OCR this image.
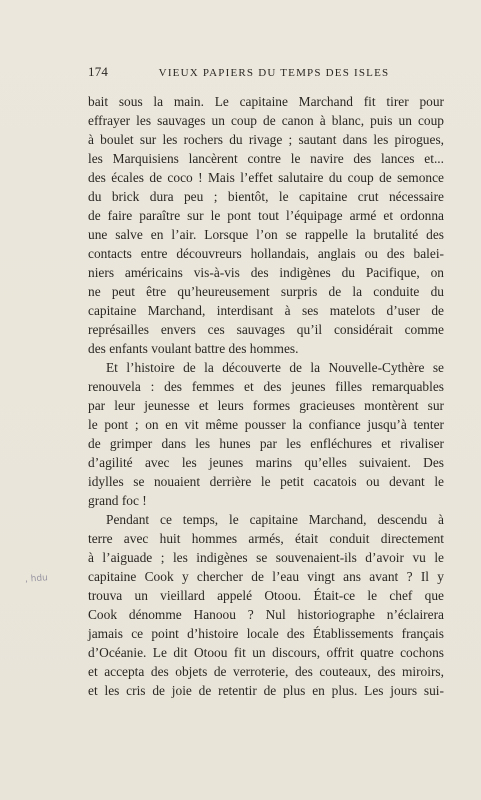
174	VIEUX PAPIERS DU TEMPS DES ISLES
, hdu
bait sous la main. Le capitaine Marchand fit tirer pour
effrayer les sauvages un coup de canon à blanc, puis un coup
à boulet sur les rochers du rivage ; sautant dans les pirogues,
les Marquisiens lancèrent contre le navire des lances et...
des écales de coco ! Mais l’effet salutaire du coup de semonce
du brick dura peu ; bientôt, le capitaine crut nécessaire
de faire paraître sur le pont tout l’équipage armé et ordonna
une salve en l’air. Lorsque l’on se rappelle la brutalité des
contacts entre découvreurs hollandais, anglais ou des balei-
niers américains vis-à-vis des indigènes du Pacifique, on
ne peut être qu’heureusement surpris de la conduite du
capitaine Marchand, interdisant à ses matelots d’user de
représailles envers ces sauvages qu’il considérait comme
des enfants voulant battre des hommes.
Et l’histoire de la découverte de la Nouvelle-Cythère se
renouvela : des femmes et des jeunes filles remarquables
par leur jeunesse et leurs formes gracieuses montèrent sur
le pont ; on en vit même pousser la confiance jusqu’à tenter
de grimper dans les hunes par les enfléchures et rivaliser
d’agilité avec les jeunes marins qu’elles suivaient. Des
idylles se nouaient derrière le petit cacatois ou devant le
grand foc !
Pendant ce temps, le capitaine Marchand, descendu à
terre avec huit hommes armés, était conduit directement
à l’aiguade ; les indigènes se souvenaient-ils d’avoir vu le
capitaine Cook y chercher de l’eau vingt ans avant ? Il y
trouva un vieillard appelé Otoou. Était-ce le chef que
Cook dénomme Hanoou ? Nul historiographe n’éclairera
jamais ce point d’histoire locale des Établissements français
d’Océanie. Le dit Otoou fit un discours, offrit quatre cochons
et accepta des objets de verroterie, des couteaux, des miroirs,
et les cris de joie de retentir de plus en plus. Les jours sui-
